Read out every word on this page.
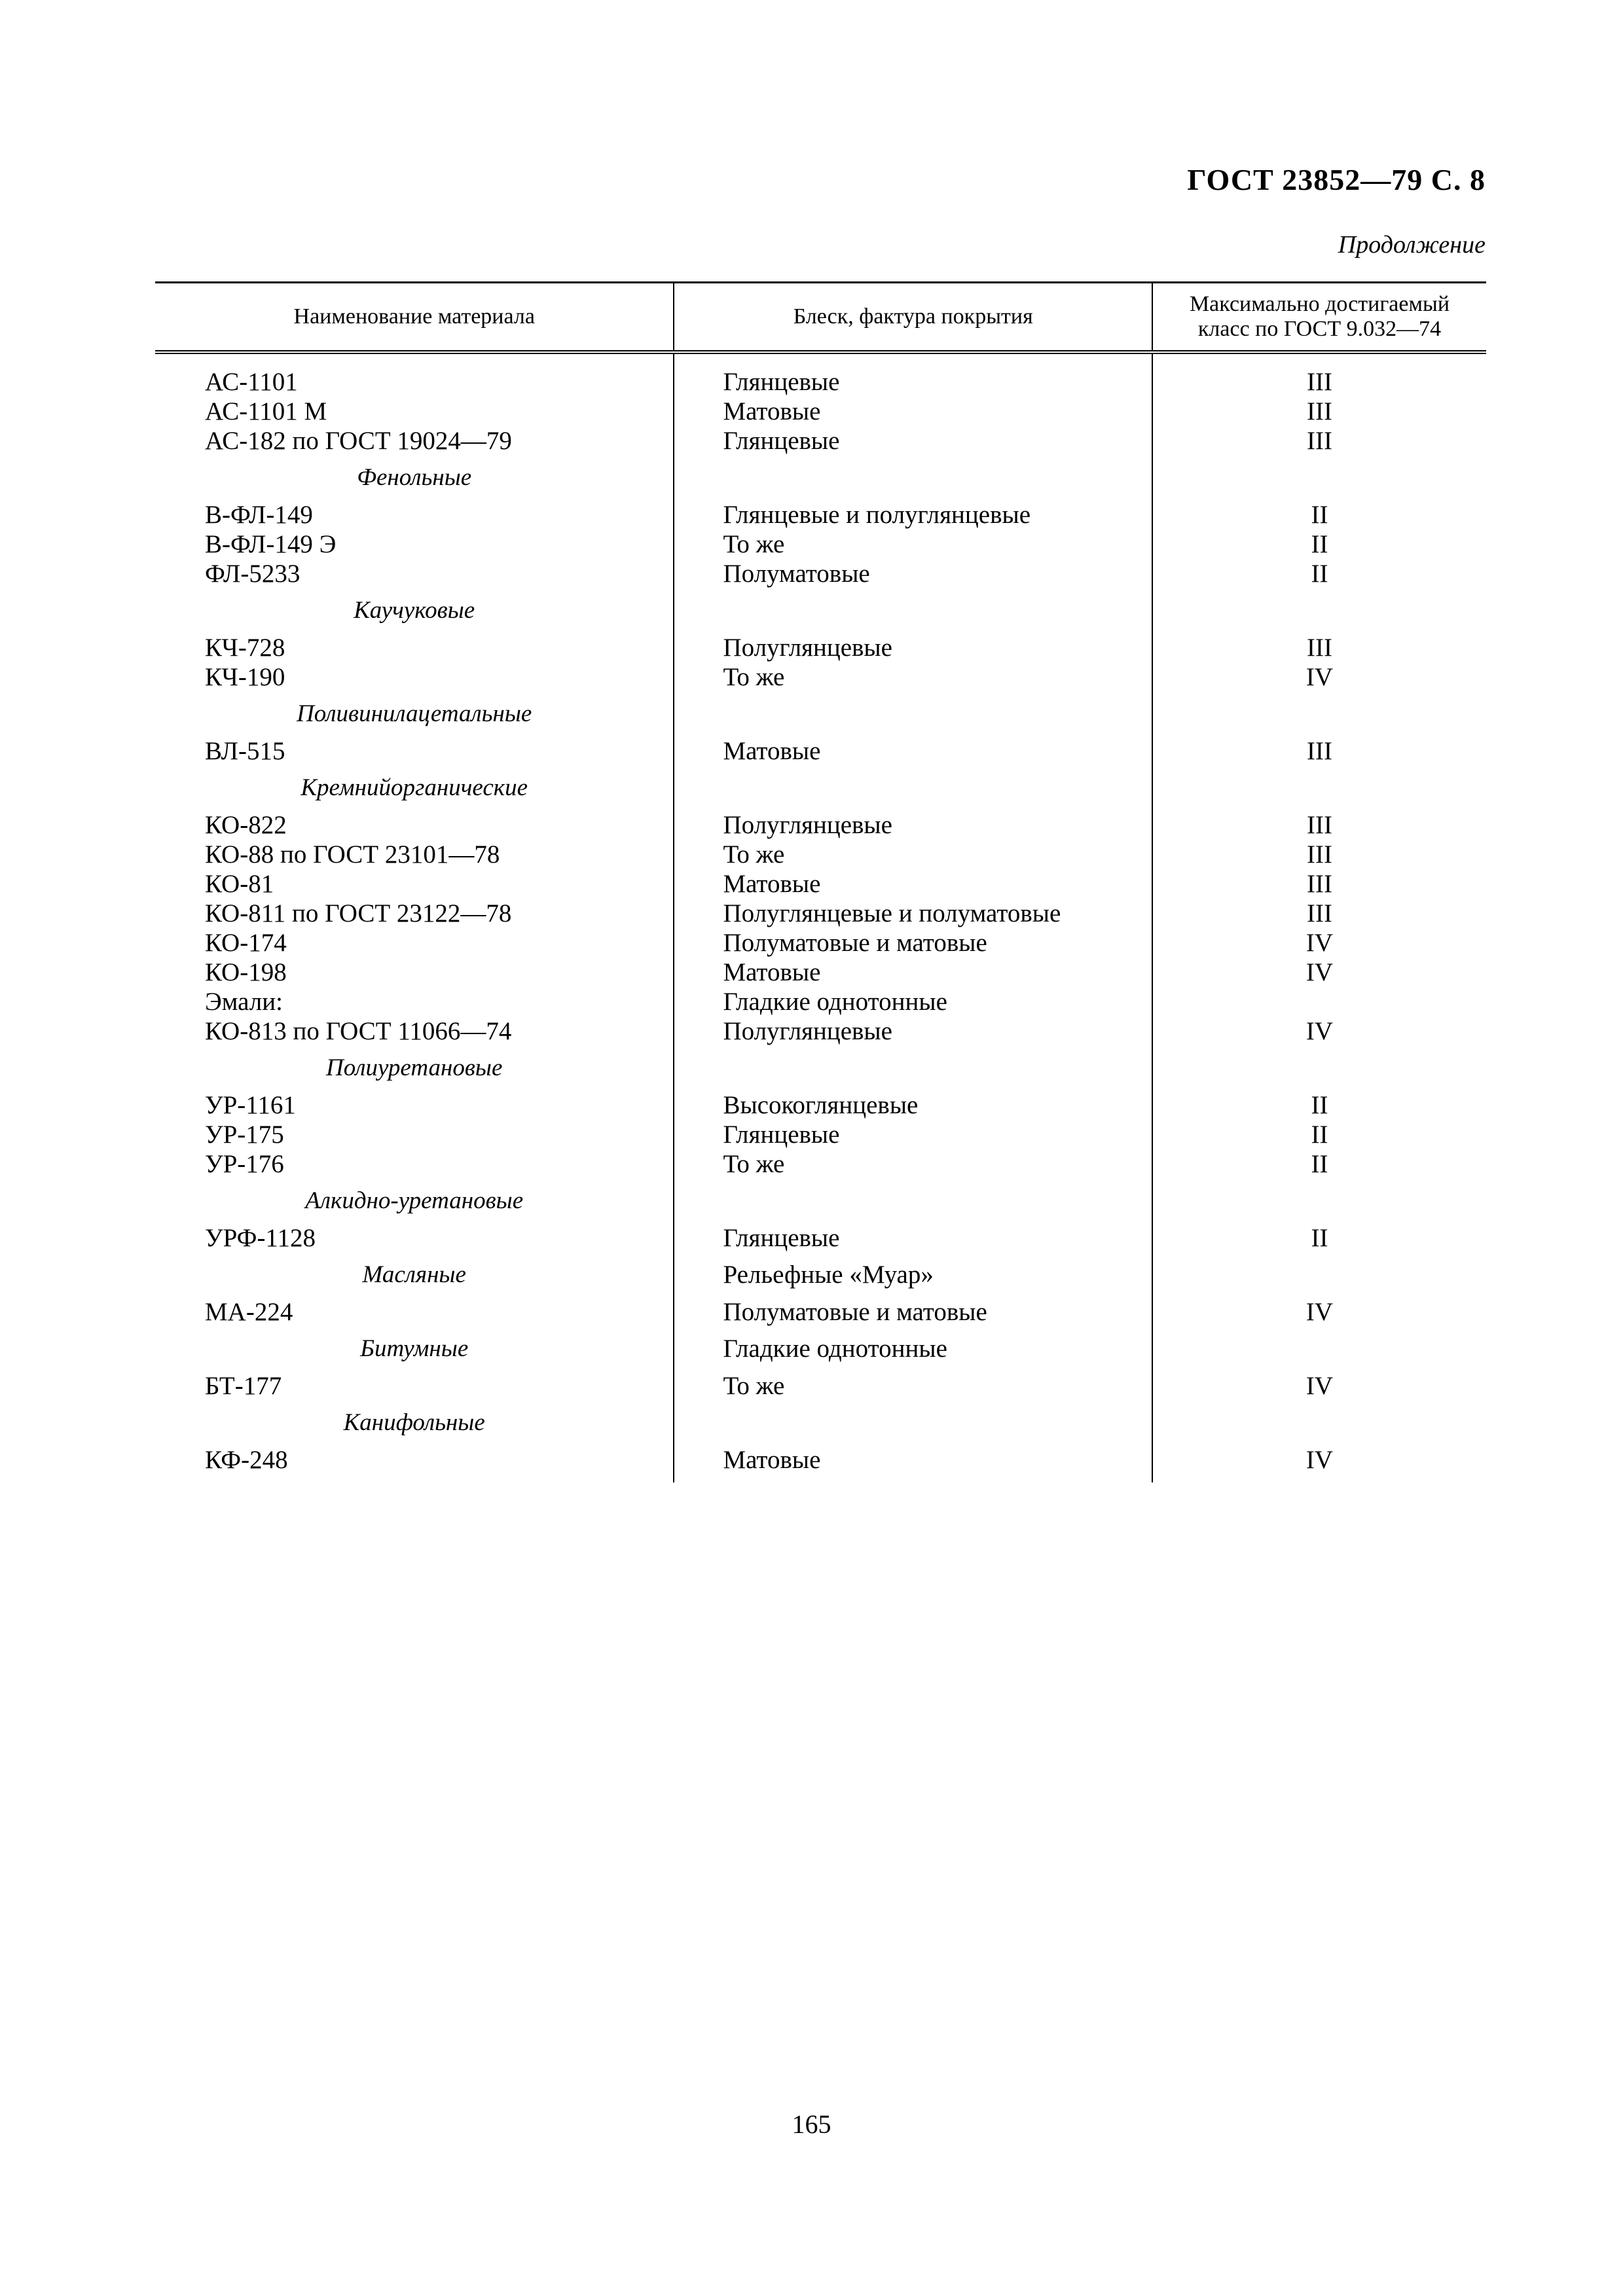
ГОСТ 23852—79 С. 8
Продолжение
Наименование материала	Блеск, фактура покрытия
Максимально достигаемый класс по ГОСТ 9.032—74
АС-1101
АС-1101 М
АС-182 по ГОСТ 19024—79
Фенольные
В-ФЛ-149
В-ФЛ-149 Э
ФЛ-5233
Каучуковые
КЧ-728
КЧ-190
Поливинилацетальные
ВЛ-515
Кремнийорганические
КО-822
КО-88 по ГОСТ 23101—78
КО-81
КО-811 по ГОСТ 23122—78
КО-174
КО-198
Эмали:
КО-813 по ГОСТ 11066—74
Полиуретановые
УР-1161
УР-175
УР-176
Алкидно-уретановые
УРФ-1128
Масляные
МА-224
Битумные
БТ-177
Канифольные
КФ-248
Глянцевые
Матовые
Глянцевые
Глянцевые и полуглянцевые
То же
Полуматовые
Полуглянцевые
То же
Матовые
Полуглянцевые
То же
Матовые
Полуглянцевые и полуматовые
Полуматовые и матовые
Матовые
Гладкие однотонные
Полуглянцевые
Высокоглянцевые
Глянцевые
То же
Глянцевые
Рельефные «Муар»
Полуматовые и матовые
Гладкие однотонные
То же
Матовые
III
III
III
II
II
II
III
IV
III
III
III
III
III
IV
IV
IV
II
II
II
II
IV
IV
IV
165
